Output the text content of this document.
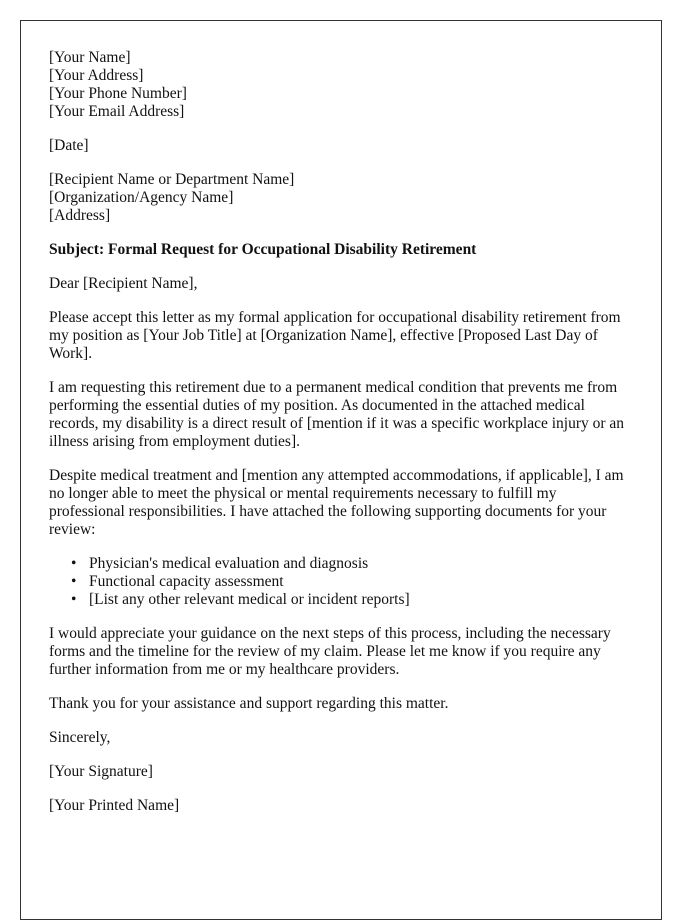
[Your Name]

[Your Address]

[Your Phone Number]

[Your Email Address]

[Date]

[Recipient Name or Department Name]

[Organization/Agency Name]

[Address]

Subject: Formal Request for Occupational Disability Retirement

Dear [Recipient Name],

Please accept this letter as my formal application for occupational disability retirement from my position as [Your Job Title] at [Organization Name], effective [Proposed Last Day of Work].

I am requesting this retirement due to a permanent medical condition that prevents me from performing the essential duties of my position. As documented in the attached medical records, my disability is a direct result of [mention if it was a specific workplace injury or an illness arising from employment duties].

Despite medical treatment and [mention any attempted accommodations, if applicable], I am no longer able to meet the physical or mental requirements necessary to fulfill my professional responsibilities. I have attached the following supporting documents for your review:

• Physician's medical evaluation and diagnosis
• Functional capacity assessment
• [List any other relevant medical or incident reports]

I would appreciate your guidance on the next steps of this process, including the necessary forms and the timeline for the review of my claim. Please let me know if you require any further information from me or my healthcare providers.

Thank you for your assistance and support regarding this matter.

Sincerely,

[Your Signature]

[Your Printed Name]
